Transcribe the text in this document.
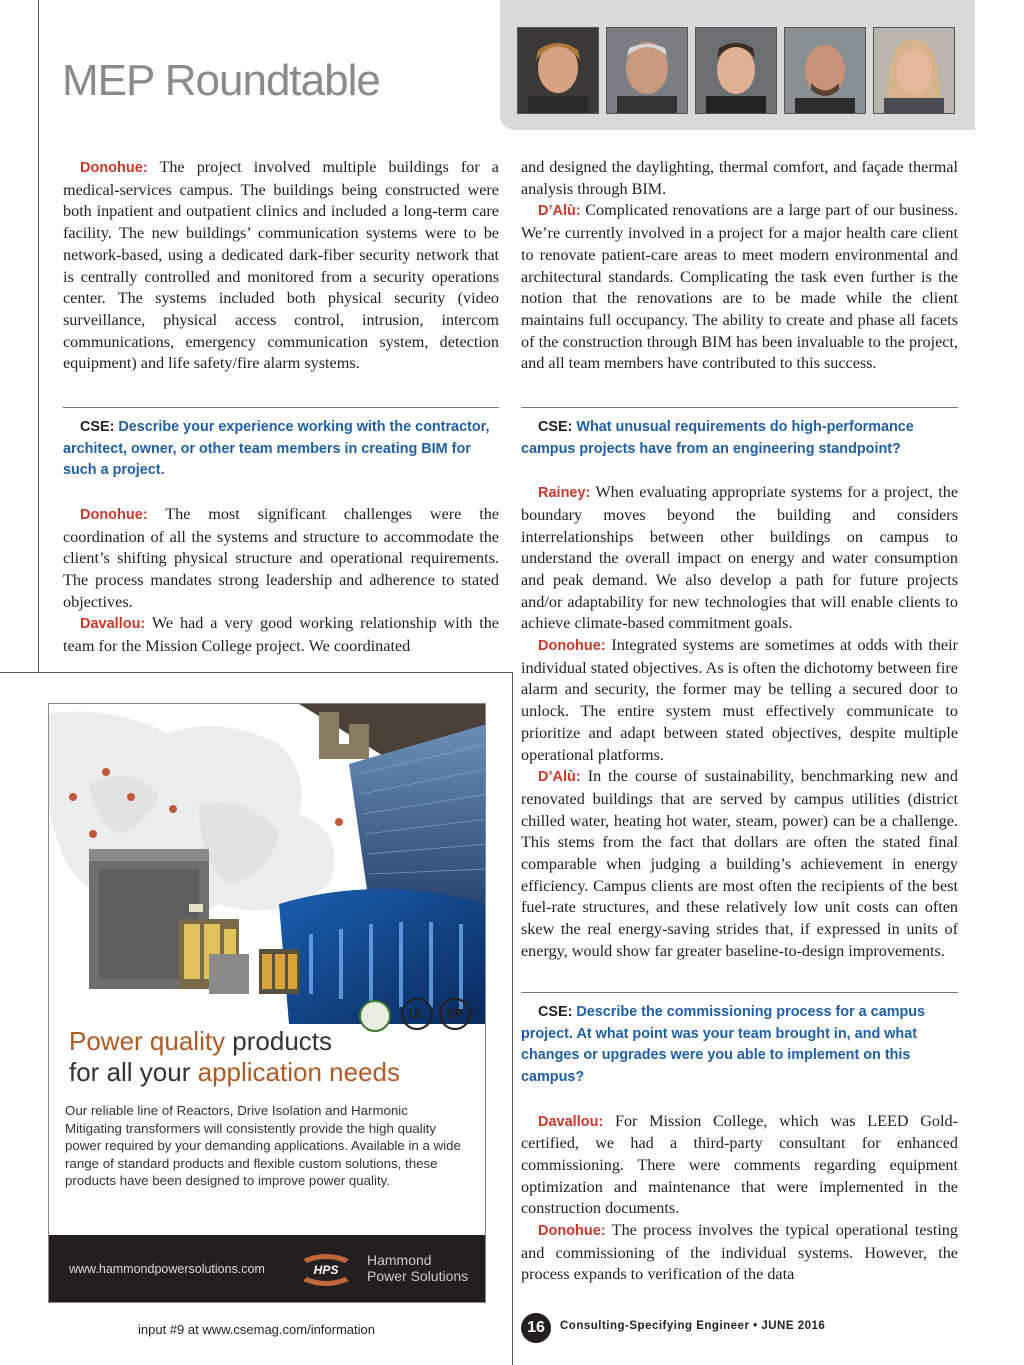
MEP Roundtable

Donohue: The project involved multiple buildings for a medical-services campus. The buildings being constructed were both inpatient and outpatient clinics and included a long-term care facility. The new buildings’ communication systems were to be network-based, using a dedicated dark-fiber security network that is centrally controlled and monitored from a security operations center. The systems included both physical security (video surveillance, physical access control, intrusion, intercom communications, emergency communication system, detection equipment) and life safety/fire alarm systems.

CSE: Describe your experience working with the contractor, architect, owner, or other team members in creating BIM for such a project.

Donohue: The most significant challenges were the coordination of all the systems and structure to accommodate the client’s shifting physical structure and operational requirements. The process mandates strong leadership and adherence to stated objectives.

Davallou: We had a very good working relationship with the team for the Mission College project. We coordinated

and designed the daylighting, thermal comfort, and façade thermal analysis through BIM.

D’Alù: Complicated renovations are a large part of our business. We’re currently involved in a project for a major health care client to renovate patient-care areas to meet modern environmental and architectural standards. Complicating the task even further is the notion that the renovations are to be made while the client maintains full occupancy. The ability to create and phase all facets of the construction through BIM has been invaluable to the project, and all team members have contributed to this success.

CSE: What unusual requirements do high-performance campus projects have from an engineering standpoint?

Rainey: When evaluating appropriate systems for a project, the boundary moves beyond the building and considers interrelationships between other buildings on campus to understand the overall impact on energy and water consumption and peak demand. We also develop a path for future projects and/or adaptability for new technologies that will enable clients to achieve climate-based commitment goals.

Donohue: Integrated systems are sometimes at odds with their individual stated objectives. As is often the dichotomy between fire alarm and security, the former may be telling a secured door to unlock. The entire system must effectively communicate to prioritize and adapt between stated objectives, despite multiple operational platforms.

D’Alù: In the course of sustainability, benchmarking new and renovated buildings that are served by campus utilities (district chilled water, heating hot water, steam, power) can be a challenge. This stems from the fact that dollars are often the stated final comparable when judging a building’s achievement in energy efficiency. Campus clients are most often the recipients of the best fuel-rate structures, and these relatively low unit costs can often skew the real energy-saving strides that, if expressed in units of energy, would show far greater baseline-to-design improvements.

CSE: Describe the commissioning process for a campus project. At what point was your team brought in, and what changes or upgrades were you able to implement on this campus?

Davallou: For Mission College, which was LEED Gold-certified, we had a third-party consultant for enhanced commissioning. There were comments regarding equipment optimization and maintenance that were implemented in the construction documents.

Donohue: The process involves the typical operational testing and commissioning of the individual systems. However, the process expands to verification of the data

UL	SP	®
Power quality products
for all your application needs
Our reliable line of Reactors, Drive Isolation and Harmonic Mitigating transformers will consistently provide the high quality power required by your demanding applications. Available in a wide range of standard products and flexible custom solutions, these products have been designed to improve power quality.
www.hammondpowersolutions.com	HPS
Hammond
Power Solutions
input #9 at www.csemag.com/information	16	Consulting-Specifying Engineer • JUNE 2016
